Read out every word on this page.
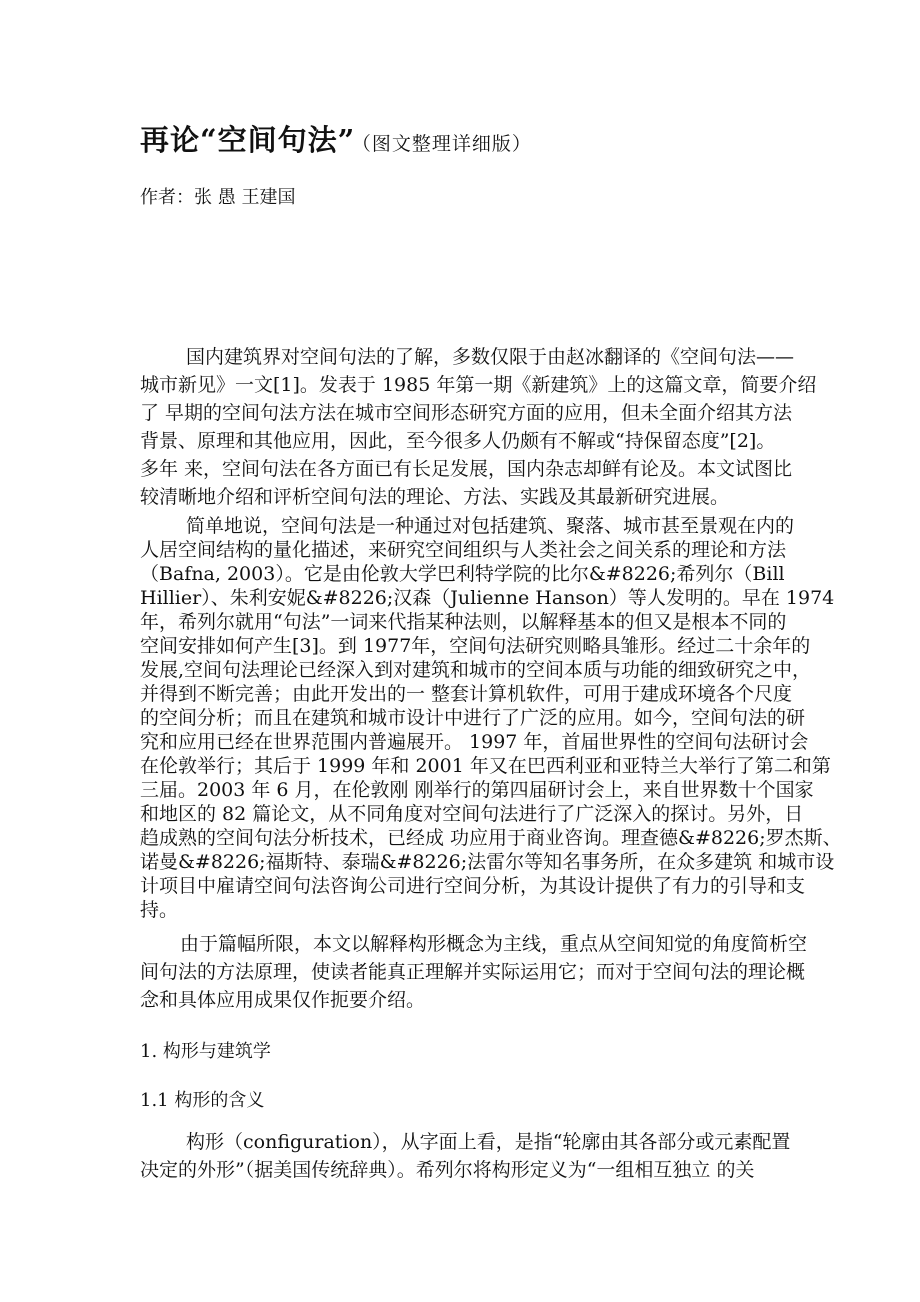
再论“空间句法” （图文整理详细版）
作者：张 愚 王建国
国内建筑界对空间句法的了解，多数仅限于由赵冰翻译的《空间句法——
城市新见》一文[1]。发表于 1985 年第一期《新建筑》上的这篇文章，简要介绍
了 早期的空间句法方法在城市空间形态研究方面的应用，但未全面介绍其方法
背景、原理和其他应用，因此，至今很多人仍颇有不解或“持保留态度”[2]。
多年 来，空间句法在各方面已有长足发展，国内杂志却鲜有论及。本文试图比
较清晰地介绍和评析空间句法的理论、方法、实践及其最新研究进展。
简单地说，空间句法是一种通过对包括建筑、聚落、城市甚至景观在内的
人居空间结构的量化描述，来研究空间组织与人类社会之间关系的理论和方法
（Bafna, 2003）。它是由伦敦大学巴利特学院的比尔&#8226;希列尔（Bill
Hillier）、朱利安妮&#8226;汉森（Julienne Hanson）等人发明的。早在 1974
年，希列尔就用“句法”一词来代指某种法则，以解释基本的但又是根本不同的
空间安排如何产生[3]。到 1977年，空间句法研究则略具雏形。经过二十余年的
发展,空间句法理论已经深入到对建筑和城市的空间本质与功能的细致研究之中，
并得到不断完善；由此开发出的一 整套计算机软件，可用于建成环境各个尺度
的空间分析；而且在建筑和城市设计中进行了广泛的应用。如今，空间句法的研
究和应用已经在世界范围内普遍展开。 1997 年，首届世界性的空间句法研讨会
在伦敦举行；其后于 1999 年和 2001 年又在巴西利亚和亚特兰大举行了第二和第
三届。2003 年 6 月，在伦敦刚 刚举行的第四届研讨会上，来自世界数十个国家
和地区的 82 篇论文，从不同角度对空间句法进行了广泛深入的探讨。另外，日
趋成熟的空间句法分析技术，已经成 功应用于商业咨询。理查德&#8226;罗杰斯、
诺曼&#8226;福斯特、泰瑞&#8226;法雷尔等知名事务所，在众多建筑 和城市设
计项目中雇请空间句法咨询公司进行空间分析，为其设计提供了有力的引导和支
持。
由于篇幅所限，本文以解释构形概念为主线，重点从空间知觉的角度简析空
间句法的方法原理，使读者能真正理解并实际运用它；而对于空间句法的理论概
念和具体应用成果仅作扼要介绍。
1. 构形与建筑学
1.1 构形的含义
构形（configuration），从字面上看，是指“轮廓由其各部分或元素配置
决定的外形”（据美国传统辞典）。希列尔将构形定义为“一组相互独立 的关
